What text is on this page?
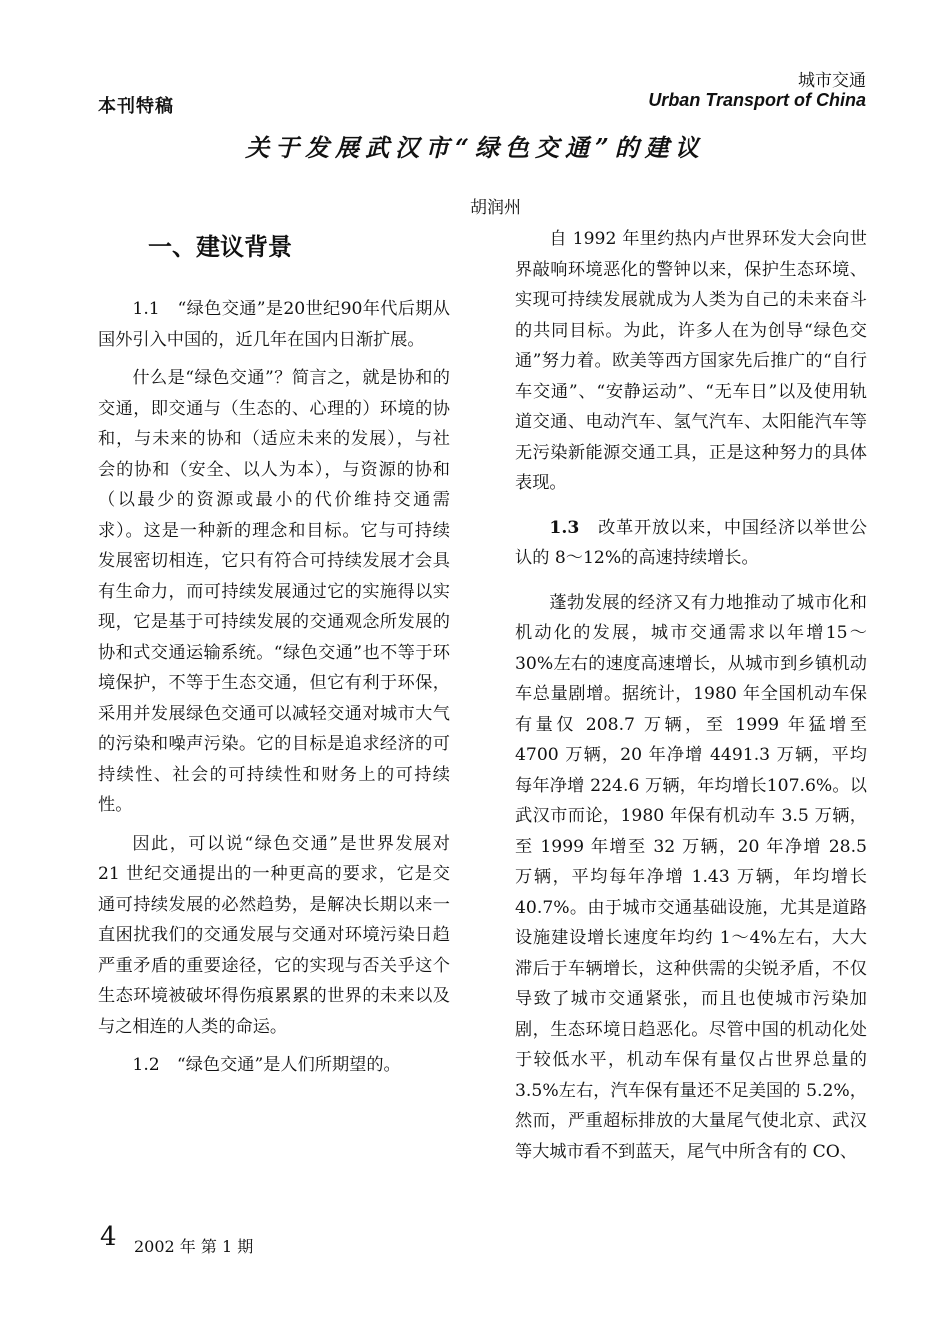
城市交通
Urban Transport of China
本刊特稿
关于发展武汉市“绿色交通”的建议
胡润州
一、建议背景

1.1　“绿色交通”是20世纪90年代后期从国外引入中国的，近几年在国内日渐扩展。

什么是“绿色交通”？简言之，就是协和的交通，即交通与（生态的、心理的）环境的协和，与未来的协和（适应未来的发展），与社会的协和（安全、以人为本），与资源的协和（以最少的资源或最小的代价维持交通需求）。这是一种新的理念和目标。它与可持续发展密切相连，它只有符合可持续发展才会具有生命力，而可持续发展通过它的实施得以实现，它是基于可持续发展的交通观念所发展的协和式交通运输系统。“绿色交通”也不等于环境保护，不等于生态交通，但它有利于环保，采用并发展绿色交通可以减轻交通对城市大气的污染和噪声污染。它的目标是追求经济的可持续性、社会的可持续性和财务上的可持续性。

因此，可以说“绿色交通”是世界发展对 21 世纪交通提出的一种更高的要求，它是交通可持续发展的必然趋势，是解决长期以来一直困扰我们的交通发展与交通对环境污染日趋严重矛盾的重要途径，它的实现与否关乎这个生态环境被破坏得伤痕累累的世界的未来以及与之相连的人类的命运。

1.2　“绿色交通”是人们所期望的。

自 1992 年里约热内卢世界环发大会向世界敲响环境恶化的警钟以来，保护生态环境、实现可持续发展就成为人类为自己的未来奋斗的共同目标。为此，许多人在为创导“绿色交通”努力着。欧美等西方国家先后推广的“自行车交通”、“安静运动”、“无车日”以及使用轨道交通、电动汽车、氢气汽车、太阳能汽车等无污染新能源交通工具，正是这种努力的具体表现。

1.3　改革开放以来，中国经济以举世公认的 8～12%的高速持续增长。

蓬勃发展的经济又有力地推动了城市化和机动化的发展，城市交通需求以年增15～30%左右的速度高速增长，从城市到乡镇机动车总量剧增。据统计，1980 年全国机动车保有量仅 208.7 万辆，至 1999 年猛增至 4700 万辆，20 年净增 4491.3 万辆，平均每年净增 224.6 万辆，年均增长107.6%。以武汉市而论，1980 年保有机动车 3.5 万辆，至 1999 年增至 32 万辆，20 年净增 28.5 万辆，平均每年净增 1.43 万辆，年均增长 40.7%。由于城市交通基础设施，尤其是道路设施建设增长速度年均约 1～4%左右，大大滞后于车辆增长，这种供需的尖锐矛盾，不仅导致了城市交通紧张，而且也使城市污染加剧，生态环境日趋恶化。尽管中国的机动化处于较低水平，机动车保有量仅占世界总量的 3.5%左右，汽车保有量还不足美国的 5.2%，然而，严重超标排放的大量尾气使北京、武汉等大城市看不到蓝天，尾气中所含有的 CO、

4 2002 年 第 1 期
